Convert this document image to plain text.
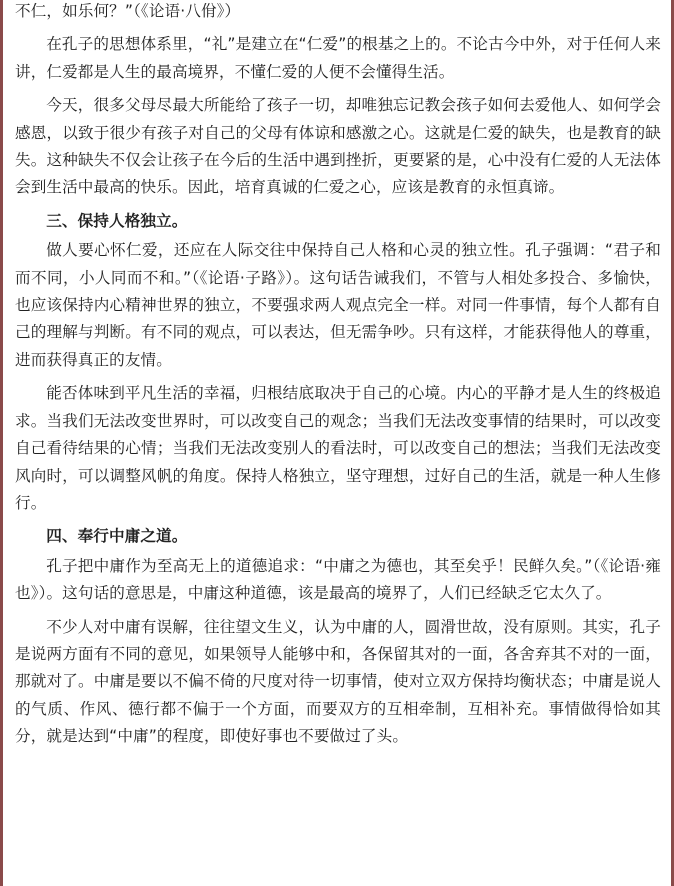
不仁，如乐何？”（《论语·八佾》）

在孔子的思想体系里，“礼”是建立在“仁爱”的根基之上的。不论古今中外，对于任何人来讲，仁爱都是人生的最高境界，不懂仁爱的人便不会懂得生活。

今天，很多父母尽最大所能给了孩子一切，却唯独忘记教会孩子如何去爱他人、如何学会感恩，以致于很少有孩子对自己的父母有体谅和感激之心。这就是仁爱的缺失，也是教育的缺失。这种缺失不仅会让孩子在今后的生活中遇到挫折，更要紧的是，心中没有仁爱的人无法体会到生活中最高的快乐。因此，培育真诚的仁爱之心，应该是教育的永恒真谛。

三、保持人格独立。

做人要心怀仁爱，还应在人际交往中保持自己人格和心灵的独立性。孔子强调：“君子和而不同，小人同而不和。”（《论语·子路》）。这句话告诫我们，不管与人相处多投合、多愉快，也应该保持内心精神世界的独立，不要强求两人观点完全一样。对同一件事情，每个人都有自己的理解与判断。有不同的观点，可以表达，但无需争吵。只有这样，才能获得他人的尊重，进而获得真正的友情。

能否体味到平凡生活的幸福，归根结底取决于自己的心境。内心的平静才是人生的终极追求。当我们无法改变世界时，可以改变自己的观念；当我们无法改变事情的结果时，可以改变自己看待结果的心情；当我们无法改变别人的看法时，可以改变自己的想法；当我们无法改变风向时，可以调整风帆的角度。保持人格独立，坚守理想，过好自己的生活，就是一种人生修行。

四、奉行中庸之道。

孔子把中庸作为至高无上的道德追求：“中庸之为德也，其至矣乎！民鲜久矣。”（《论语·雍也》）。这句话的意思是，中庸这种道德，该是最高的境界了，人们已经缺乏它太久了。

不少人对中庸有误解，往往望文生义，认为中庸的人，圆滑世故，没有原则。其实，孔子是说两方面有不同的意见，如果领导人能够中和，各保留其对的一面，各舍弃其不对的一面，那就对了。中庸是要以不偏不倚的尺度对待一切事情，使对立双方保持均衡状态；中庸是说人的气质、作风、德行都不偏于一个方面，而要双方的互相牵制，互相补充。事情做得恰如其分，就是达到“中庸”的程度，即使好事也不要做过了头。
